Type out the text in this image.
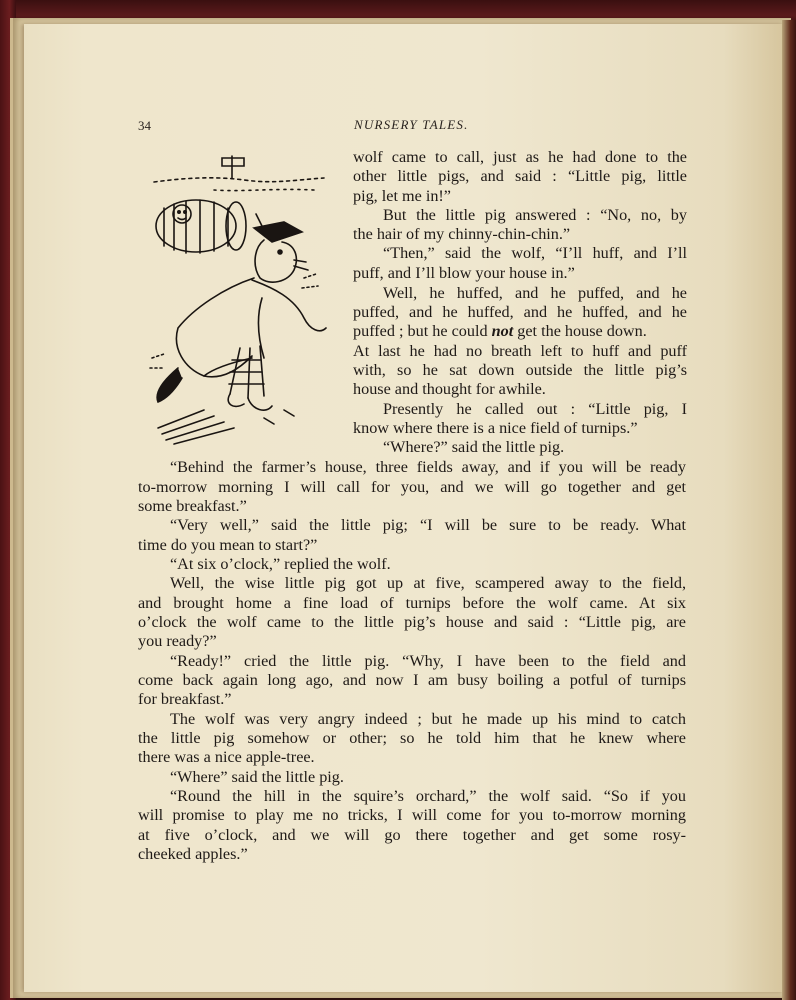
34	NURSERY TALES.
wolf came to call, just as he had done to the
other little pigs, and said : “Little pig, little
pig, let me in!”
But the little pig answered : “No, no, by
the hair of my chinny-chin-chin.”
“Then,” said the wolf, “I’ll huff, and I’ll
puff, and I’ll blow your house in.”
Well, he huffed, and he puffed, and he
puffed, and he huffed, and he huffed, and he
puffed ; but he could not get the house down.
At last he had no breath left to huff and puff
with, so he sat down outside the little pig’s
house and thought for awhile.
Presently he called out : “Little pig, I
know where there is a nice field of turnips.”
“Where?” said the little pig.
“Behind the farmer’s house, three fields away, and if you will be ready
to-morrow morning I will call for you, and we will go together and get
some breakfast.”
“Very well,” said the little pig; “I will be sure to be ready. What
time do you mean to start?”
“At six o’clock,” replied the wolf.
Well, the wise little pig got up at five, scampered away to the field,
and brought home a fine load of turnips before the wolf came. At six
o’clock the wolf came to the little pig’s house and said : “Little pig, are
you ready?”
“Ready!” cried the little pig. “Why, I have been to the field and
come back again long ago, and now I am busy boiling a potful of turnips
for breakfast.”
The wolf was very angry indeed ; but he made up his mind to catch
the little pig somehow or other; so he told him that he knew where
there was a nice apple-tree.
“Where” said the little pig.
“Round the hill in the squire’s orchard,” the wolf said. “So if you
will promise to play me no tricks, I will come for you to-morrow morning
at five o’clock, and we will go there together and get some rosy-
cheeked apples.”
